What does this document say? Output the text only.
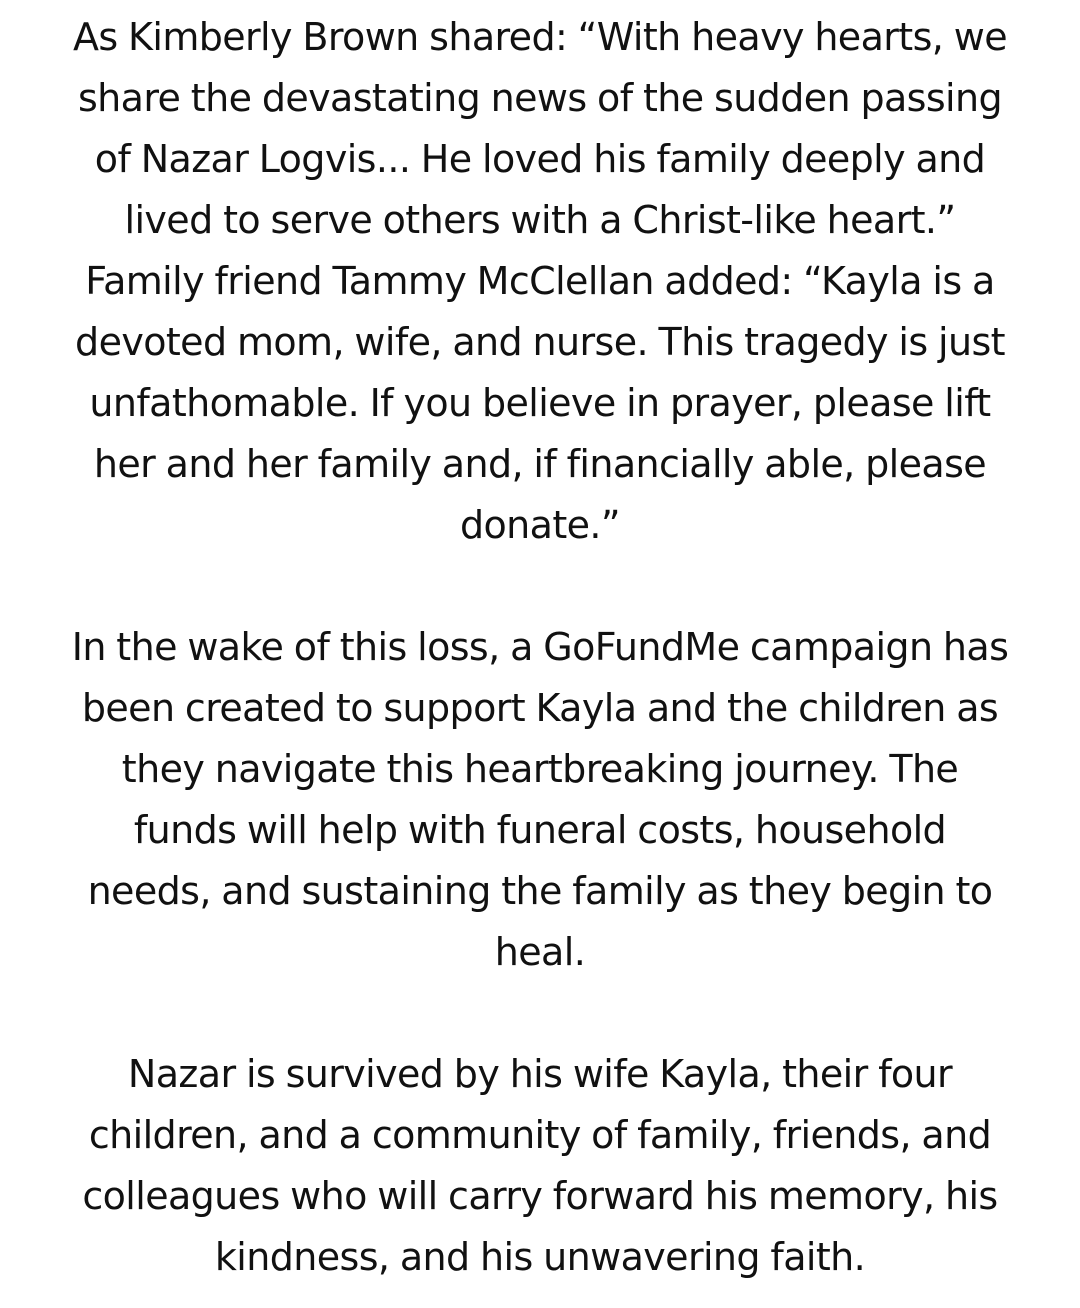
As Kimberly Brown shared: “With heavy hearts, we
share the devastating news of the sudden passing
of Nazar Logvis... He loved his family deeply and
lived to serve others with a Christ-like heart.”
Family friend Tammy McClellan added: “Kayla is a
devoted mom, wife, and nurse. This tragedy is just
unfathomable. If you believe in prayer, please lift
her and her family and, if financially able, please
donate.”

In the wake of this loss, a GoFundMe campaign has
been created to support Kayla and the children as
they navigate this heartbreaking journey. The
funds will help with funeral costs, household
needs, and sustaining the family as they begin to
heal.

Nazar is survived by his wife Kayla, their four
children, and a community of family, friends, and
colleagues who will carry forward his memory, his
kindness, and his unwavering faith.
